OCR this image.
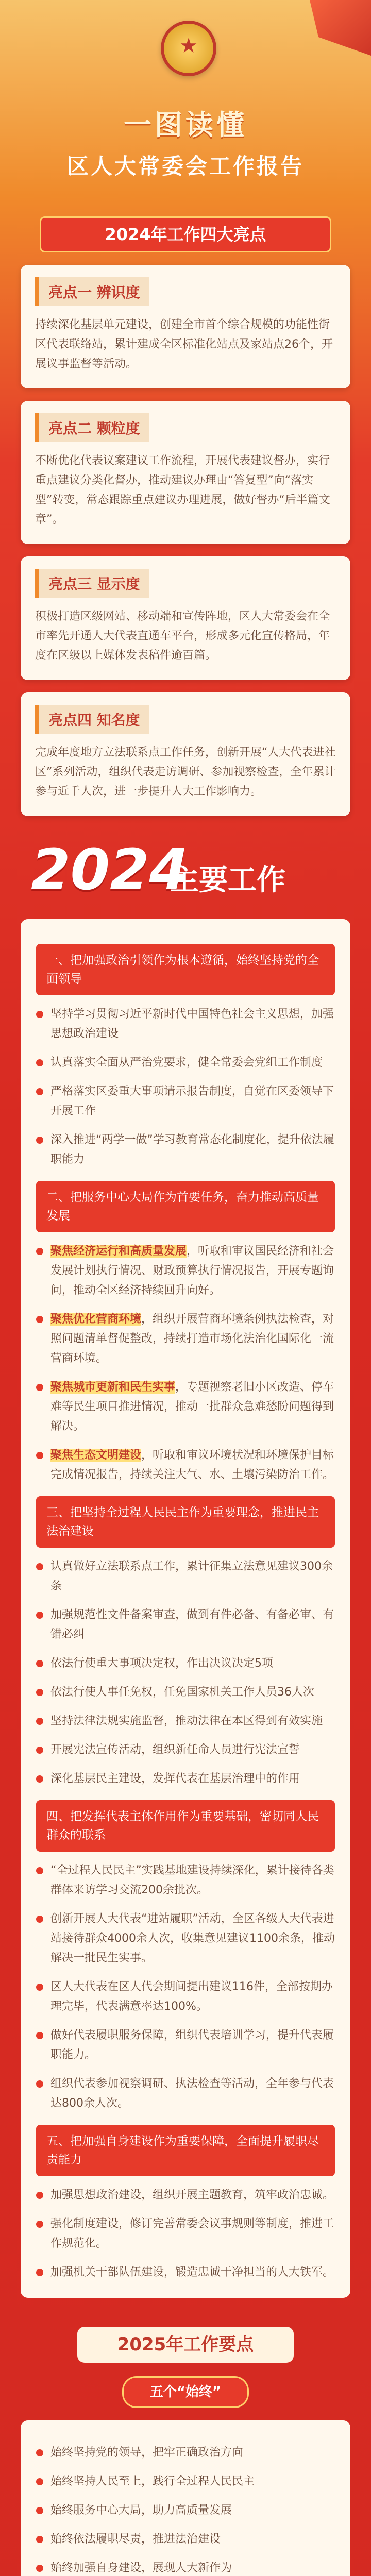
★
一图读懂
区人大常委会工作报告
2024年工作四大亮点
亮点一 辨识度

持续深化基层单元建设，创建全市首个综合规模的功能性街区代表联络站，累计建成全区标准化站点及家站点26个，开展议事监督等活动。

亮点二 颗粒度

不断优化代表议案建议工作流程，开展代表建议督办，实行重点建议分类化督办，推动建议办理由“答复型”向“落实型”转变，常态跟踪重点建议办理进展，做好督办“后半篇文章”。

亮点三 显示度

积极打造区级网站、移动端和宣传阵地，区人大常委会在全市率先开通人大代表直通车平台，形成多元化宣传格局，年度在区级以上媒体发表稿件逾百篇。

亮点四 知名度

完成年度地方立法联系点工作任务，创新开展“人大代表进社区”系列活动，组织代表走访调研、参加视察检查，全年累计参与近千人次，进一步提升人大工作影响力。

2024
主要工作
一、把加强政治引领作为根本遵循，始终坚持党的全面领导
坚持学习贯彻习近平新时代中国特色社会主义思想，加强思想政治建设
认真落实全面从严治党要求，健全常委会党组工作制度
严格落实区委重大事项请示报告制度，自觉在区委领导下开展工作
深入推进“两学一做”学习教育常态化制度化，提升依法履职能力
二、把服务中心大局作为首要任务，奋力推动高质量发展
聚焦经济运行和高质量发展，听取和审议国民经济和社会发展计划执行情况、财政预算执行情况报告，开展专题询问，推动全区经济持续回升向好。
聚焦优化营商环境，组织开展营商环境条例执法检查，对照问题清单督促整改，持续打造市场化法治化国际化一流营商环境。
聚焦城市更新和民生实事，专题视察老旧小区改造、停车难等民生项目推进情况，推动一批群众急难愁盼问题得到解决。
聚焦生态文明建设，听取和审议环境状况和环境保护目标完成情况报告，持续关注大气、水、土壤污染防治工作。
三、把坚持全过程人民民主作为重要理念，推进民主法治建设
认真做好立法联系点工作，累计征集立法意见建议300余条
加强规范性文件备案审查，做到有件必备、有备必审、有错必纠
依法行使重大事项决定权，作出决议决定5项
依法行使人事任免权，任免国家机关工作人员36人次
坚持法律法规实施监督，推动法律在本区得到有效实施
开展宪法宣传活动，组织新任命人员进行宪法宣誓
深化基层民主建设，发挥代表在基层治理中的作用
四、把发挥代表主体作用作为重要基础，密切同人民群众的联系
“全过程人民民主”实践基地建设持续深化，累计接待各类群体来访学习交流200余批次。
创新开展人大代表“进站履职”活动，全区各级人大代表进站接待群众4000余人次，收集意见建议1100余条，推动解决一批民生实事。
区人大代表在区人代会期间提出建议116件，全部按期办理完毕，代表满意率达100%。
做好代表履职服务保障，组织代表培训学习，提升代表履职能力。
组织代表参加视察调研、执法检查等活动，全年参与代表达800余人次。
五、把加强自身建设作为重要保障，全面提升履职尽责能力
加强思想政治建设，组织开展主题教育，筑牢政治忠诚。
强化制度建设，修订完善常委会议事规则等制度，推进工作规范化。
加强机关干部队伍建设，锻造忠诚干净担当的人大铁军。
2025年工作要点
五个“始终”
始终坚持党的领导，把牢正确政治方向
始终坚持人民至上，践行全过程人民民主
始终服务中心大局，助力高质量发展
始终依法履职尽责，推进法治建设
始终加强自身建设，展现人大新作为
